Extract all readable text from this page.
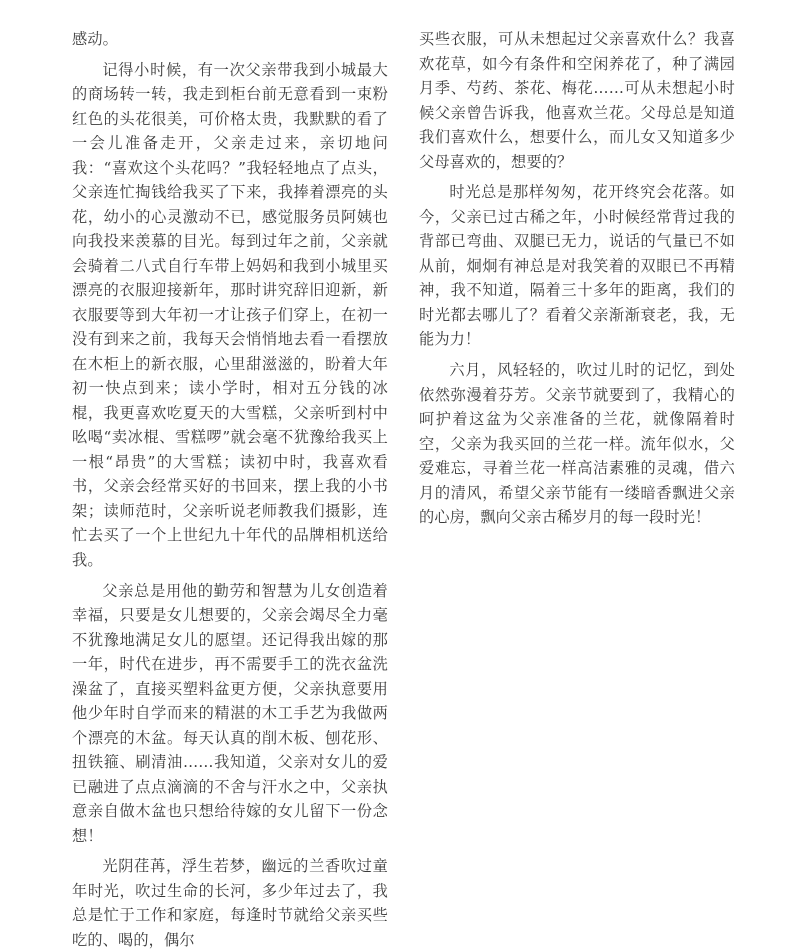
感动。

记得小时候，有一次父亲带我到小城最大的商场转一转，我走到柜台前无意看到一束粉红色的头花很美，可价格太贵，我默默的看了一会儿准备走开，父亲走过来，亲切地问我：“喜欢这个头花吗？”我轻轻地点了点头，父亲连忙掏钱给我买了下来，我捧着漂亮的头花，幼小的心灵激动不已，感觉服务员阿姨也向我投来羡慕的目光。每到过年之前，父亲就会骑着二八式自行车带上妈妈和我到小城里买漂亮的衣服迎接新年，那时讲究辞旧迎新，新衣服要等到大年初一才让孩子们穿上，在初一没有到来之前，我每天会悄悄地去看一看摆放在木柜上的新衣服，心里甜滋滋的，盼着大年初一快点到来；读小学时，相对五分钱的冰棍，我更喜欢吃夏天的大雪糕，父亲听到村中吆喝“卖冰棍、雪糕啰”就会毫不犹豫给我买上一根“昂贵”的大雪糕；读初中时，我喜欢看书，父亲会经常买好的书回来，摆上我的小书架；读师范时，父亲听说老师教我们摄影，连忙去买了一个上世纪九十年代的品牌相机送给我。

父亲总是用他的勤劳和智慧为儿女创造着幸福，只要是女儿想要的，父亲会竭尽全力毫不犹豫地满足女儿的愿望。还记得我出嫁的那一年，时代在进步，再不需要手工的洗衣盆洗澡盆了，直接买塑料盆更方便，父亲执意要用他少年时自学而来的精湛的木工手艺为我做两个漂亮的木盆。每天认真的削木板、刨花形、扭铁箍、刷清油……我知道，父亲对女儿的爱已融进了点点滴滴的不舍与汗水之中，父亲执意亲自做木盆也只想给待嫁的女儿留下一份念想！

光阴荏苒，浮生若梦，幽远的兰香吹过童年时光，吹过生命的长河，多少年过去了，我总是忙于工作和家庭，每逢时节就给父亲买些吃的、喝的，偶尔

买些衣服，可从未想起过父亲喜欢什么？我喜欢花草，如今有条件和空闲养花了，种了满园月季、芍药、茶花、梅花……可从未想起小时候父亲曾告诉我，他喜欢兰花。父母总是知道我们喜欢什么，想要什么，而儿女又知道多少父母喜欢的，想要的？

时光总是那样匆匆，花开终究会花落。如今，父亲已过古稀之年，小时候经常背过我的背部已弯曲、双腿已无力，说话的气量已不如从前，炯炯有神总是对我笑着的双眼已不再精神，我不知道，隔着三十多年的距离，我们的时光都去哪儿了？看着父亲渐渐衰老，我，无能为力！

六月，风轻轻的，吹过儿时的记忆，到处依然弥漫着芬芳。父亲节就要到了，我精心的呵护着这盆为父亲准备的兰花，就像隔着时空，父亲为我买回的兰花一样。流年似水，父爱难忘，寻着兰花一样高洁素雅的灵魂，借六月的清风，希望父亲节能有一缕暗香飘进父亲的心房，飘向父亲古稀岁月的每一段时光！
